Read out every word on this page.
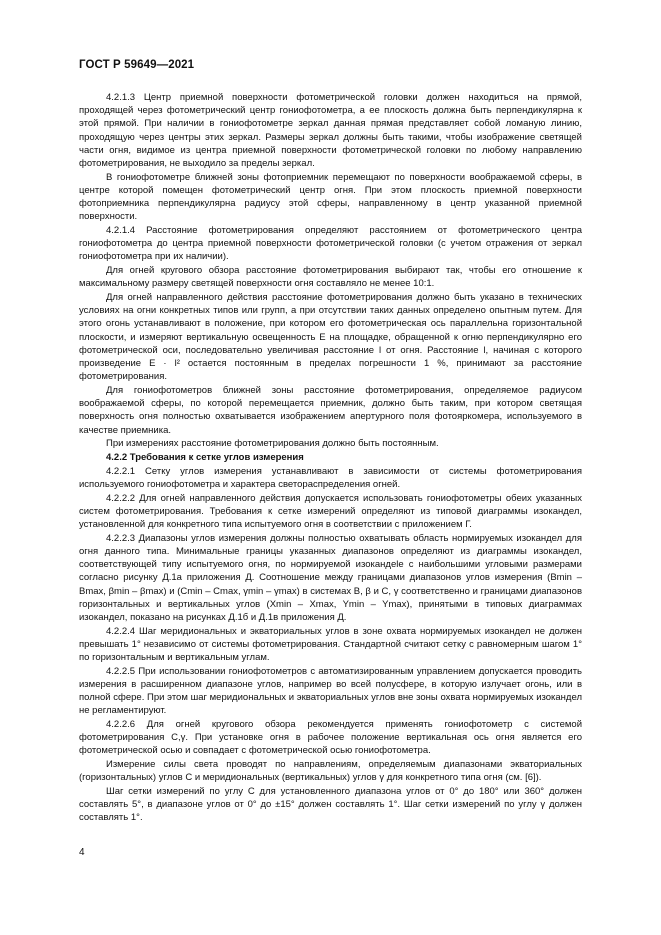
ГОСТ Р 59649—2021

4.2.1.3 Центр приемной поверхности фотометрической головки должен находиться на прямой, проходящей через фотометрический центр гониофотометра, а ее плоскость должна быть перпендикулярна к этой прямой. При наличии в гониофотометре зеркал данная прямая представляет собой ломаную линию, проходящую через центры этих зеркал. Размеры зеркал должны быть такими, чтобы изображение светящей части огня, видимое из центра приемной поверхности фотометрической головки по любому направлению фотометрирования, не выходило за пределы зеркал.

В гониофотометре ближней зоны фотоприемник перемещают по поверхности воображаемой сферы, в центре которой помещен фотометрический центр огня. При этом плоскость приемной поверхности фотоприемника перпендикулярна радиусу этой сферы, направленному в центр указанной приемной поверхности.

4.2.1.4 Расстояние фотометрирования определяют расстоянием от фотометрического центра гониофотометра до центра приемной поверхности фотометрической головки (с учетом отражения от зеркал гониофотометра при их наличии).

Для огней кругового обзора расстояние фотометрирования выбирают так, чтобы его отношение к максимальному размеру светящей поверхности огня составляло не менее 10:1.

Для огней направленного действия расстояние фотометрирования должно быть указано в технических условиях на огни конкретных типов или групп, а при отсутствии таких данных определено опытным путем. Для этого огонь устанавливают в положение, при котором его фотометрическая ось параллельна горизонтальной плоскости, и измеряют вертикальную освещенность E на площадке, обращенной к огню перпендикулярно его фотометрической оси, последовательно увеличивая расстояние l от огня. Расстояние l, начиная с которого произведение E · l² остается постоянным в пределах погрешности 1 %, принимают за расстояние фотометрирования.

Для гониофотометров ближней зоны расстояние фотометрирования, определяемое радиусом воображаемой сферы, по которой перемещается приемник, должно быть таким, при котором светящая поверхность огня полностью охватывается изображением апертурного поля фотояркомера, используемого в качестве приемника.

При измерениях расстояние фотометрирования должно быть постоянным.

4.2.2 Требования к сетке углов измерения

4.2.2.1 Сетку углов измерения устанавливают в зависимости от системы фотометрирования используемого гониофотометра и характера светораспределения огней.

4.2.2.2 Для огней направленного действия допускается использовать гониофотометры обеих указанных систем фотометрирования. Требования к сетке измерений определяют из типовой диаграммы изокандел, установленной для конкретного типа испытуемого огня в соответствии с приложением Г.

4.2.2.3 Диапазоны углов измерения должны полностью охватывать область нормируемых изокандел для огня данного типа. Минимальные границы указанных диапазонов определяют из диаграммы изокандел, соответствующей типу испытуемого огня, по нормируемой изокандele с наибольшими угловыми размерами согласно рисунку Д.1а приложения Д. Соотношение между границами диапазонов углов измерения (Bmin – Bmax, βmin – βmax) и (Cmin – Cmax, γmin – γmax) в системах B, β и C, γ соответственно и границами диапазонов горизонтальных и вертикальных углов (Xmin – Xmax, Ymin – Ymax), принятыми в типовых диаграммах изокандел, показано на рисунках Д.1б и Д.1в приложения Д.

4.2.2.4 Шаг меридиональных и экваториальных углов в зоне охвата нормируемых изокандел не должен превышать 1° независимо от системы фотометрирования. Стандартной считают сетку с равномерным шагом 1° по горизонтальным и вертикальным углам.

4.2.2.5 При использовании гониофотометров с автоматизированным управлением допускается проводить измерения в расширенном диапазоне углов, например во всей полусфере, в которую излучает огонь, или в полной сфере. При этом шаг меридиональных и экваториальных углов вне зоны охвата нормируемых изокандел не регламентируют.

4.2.2.6 Для огней кругового обзора рекомендуется применять гониофотометр с системой фотометрирования C,γ. При установке огня в рабочее положение вертикальная ось огня является его фотометрической осью и совпадает с фотометрической осью гониофотометра.

Измерение силы света проводят по направлениям, определяемым диапазонами экваториальных (горизонтальных) углов C и меридиональных (вертикальных) углов γ для конкретного типа огня (см. [6]).

Шаг сетки измерений по углу C для установленного диапазона углов от 0° до 180° или 360° должен составлять 5°, в диапазоне углов от 0° до ±15° должен составлять 1°. Шаг сетки измерений по углу γ должен составлять 1°.

4
